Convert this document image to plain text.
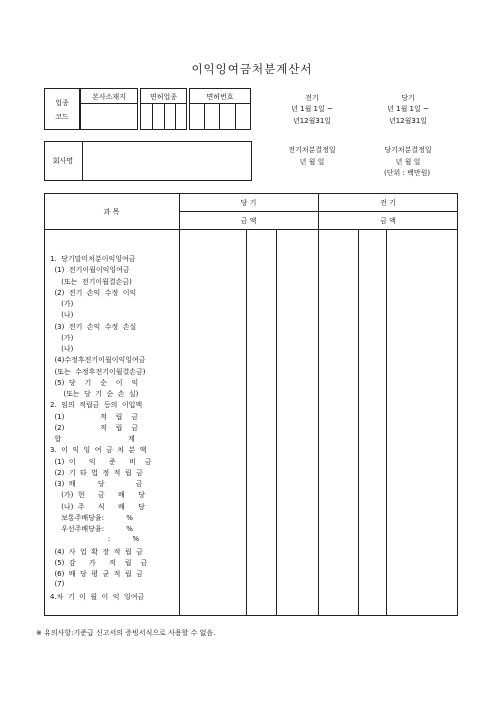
이익잉여금처분계산서
업종
코드
본사소재지	면허업종	면허번호	전기
년 1월 1일 ~
년12월31일
당기
년 1월 1일 ~
년12월31일
회사명
전기처분결정일
년 월 일
당기처분결정일
년 월 일
(단위 : 백만원)
과 목
당 기	전 기
금 액	금 액
1.  당기말미처분이익잉여금
(1)  전기이월이익잉여금
(또는  전기이월결손금)
(2)  전기  손익  수정  이익
(가)
(나)
(3)  전기  손익  수정  손실
(가)
(나)
(4)수정후전기이월이익잉여금
(또는  수정후전기이월결손금)
(5)  당    기    순    이    익
(또는  당  기  순  손  실)
2.  임의  적립금  등의  이입액
(1)                적    립    금
(2)                적    립    금
합                              계
3.  이  익  잉  여  금  처  분  액
(1)  이      익      준      비    금
(2)  기  타  법  정  적  립  금
(3)  배          당              금
(가)  현      금      배      당
(나)  주      식      배      당
보통주배당율:          %
우선주배당율:          %
:          %
(4)  사  업  확  장  적  립  금
(5)  감      가      적    립    금
(6)  배  당  평  균  적  립  금
(7)
4.차  기  이  월  이  익  잉여금
※ 유의사항:기준급 신고서의 증빙서식으로 사용할 수 없음.
